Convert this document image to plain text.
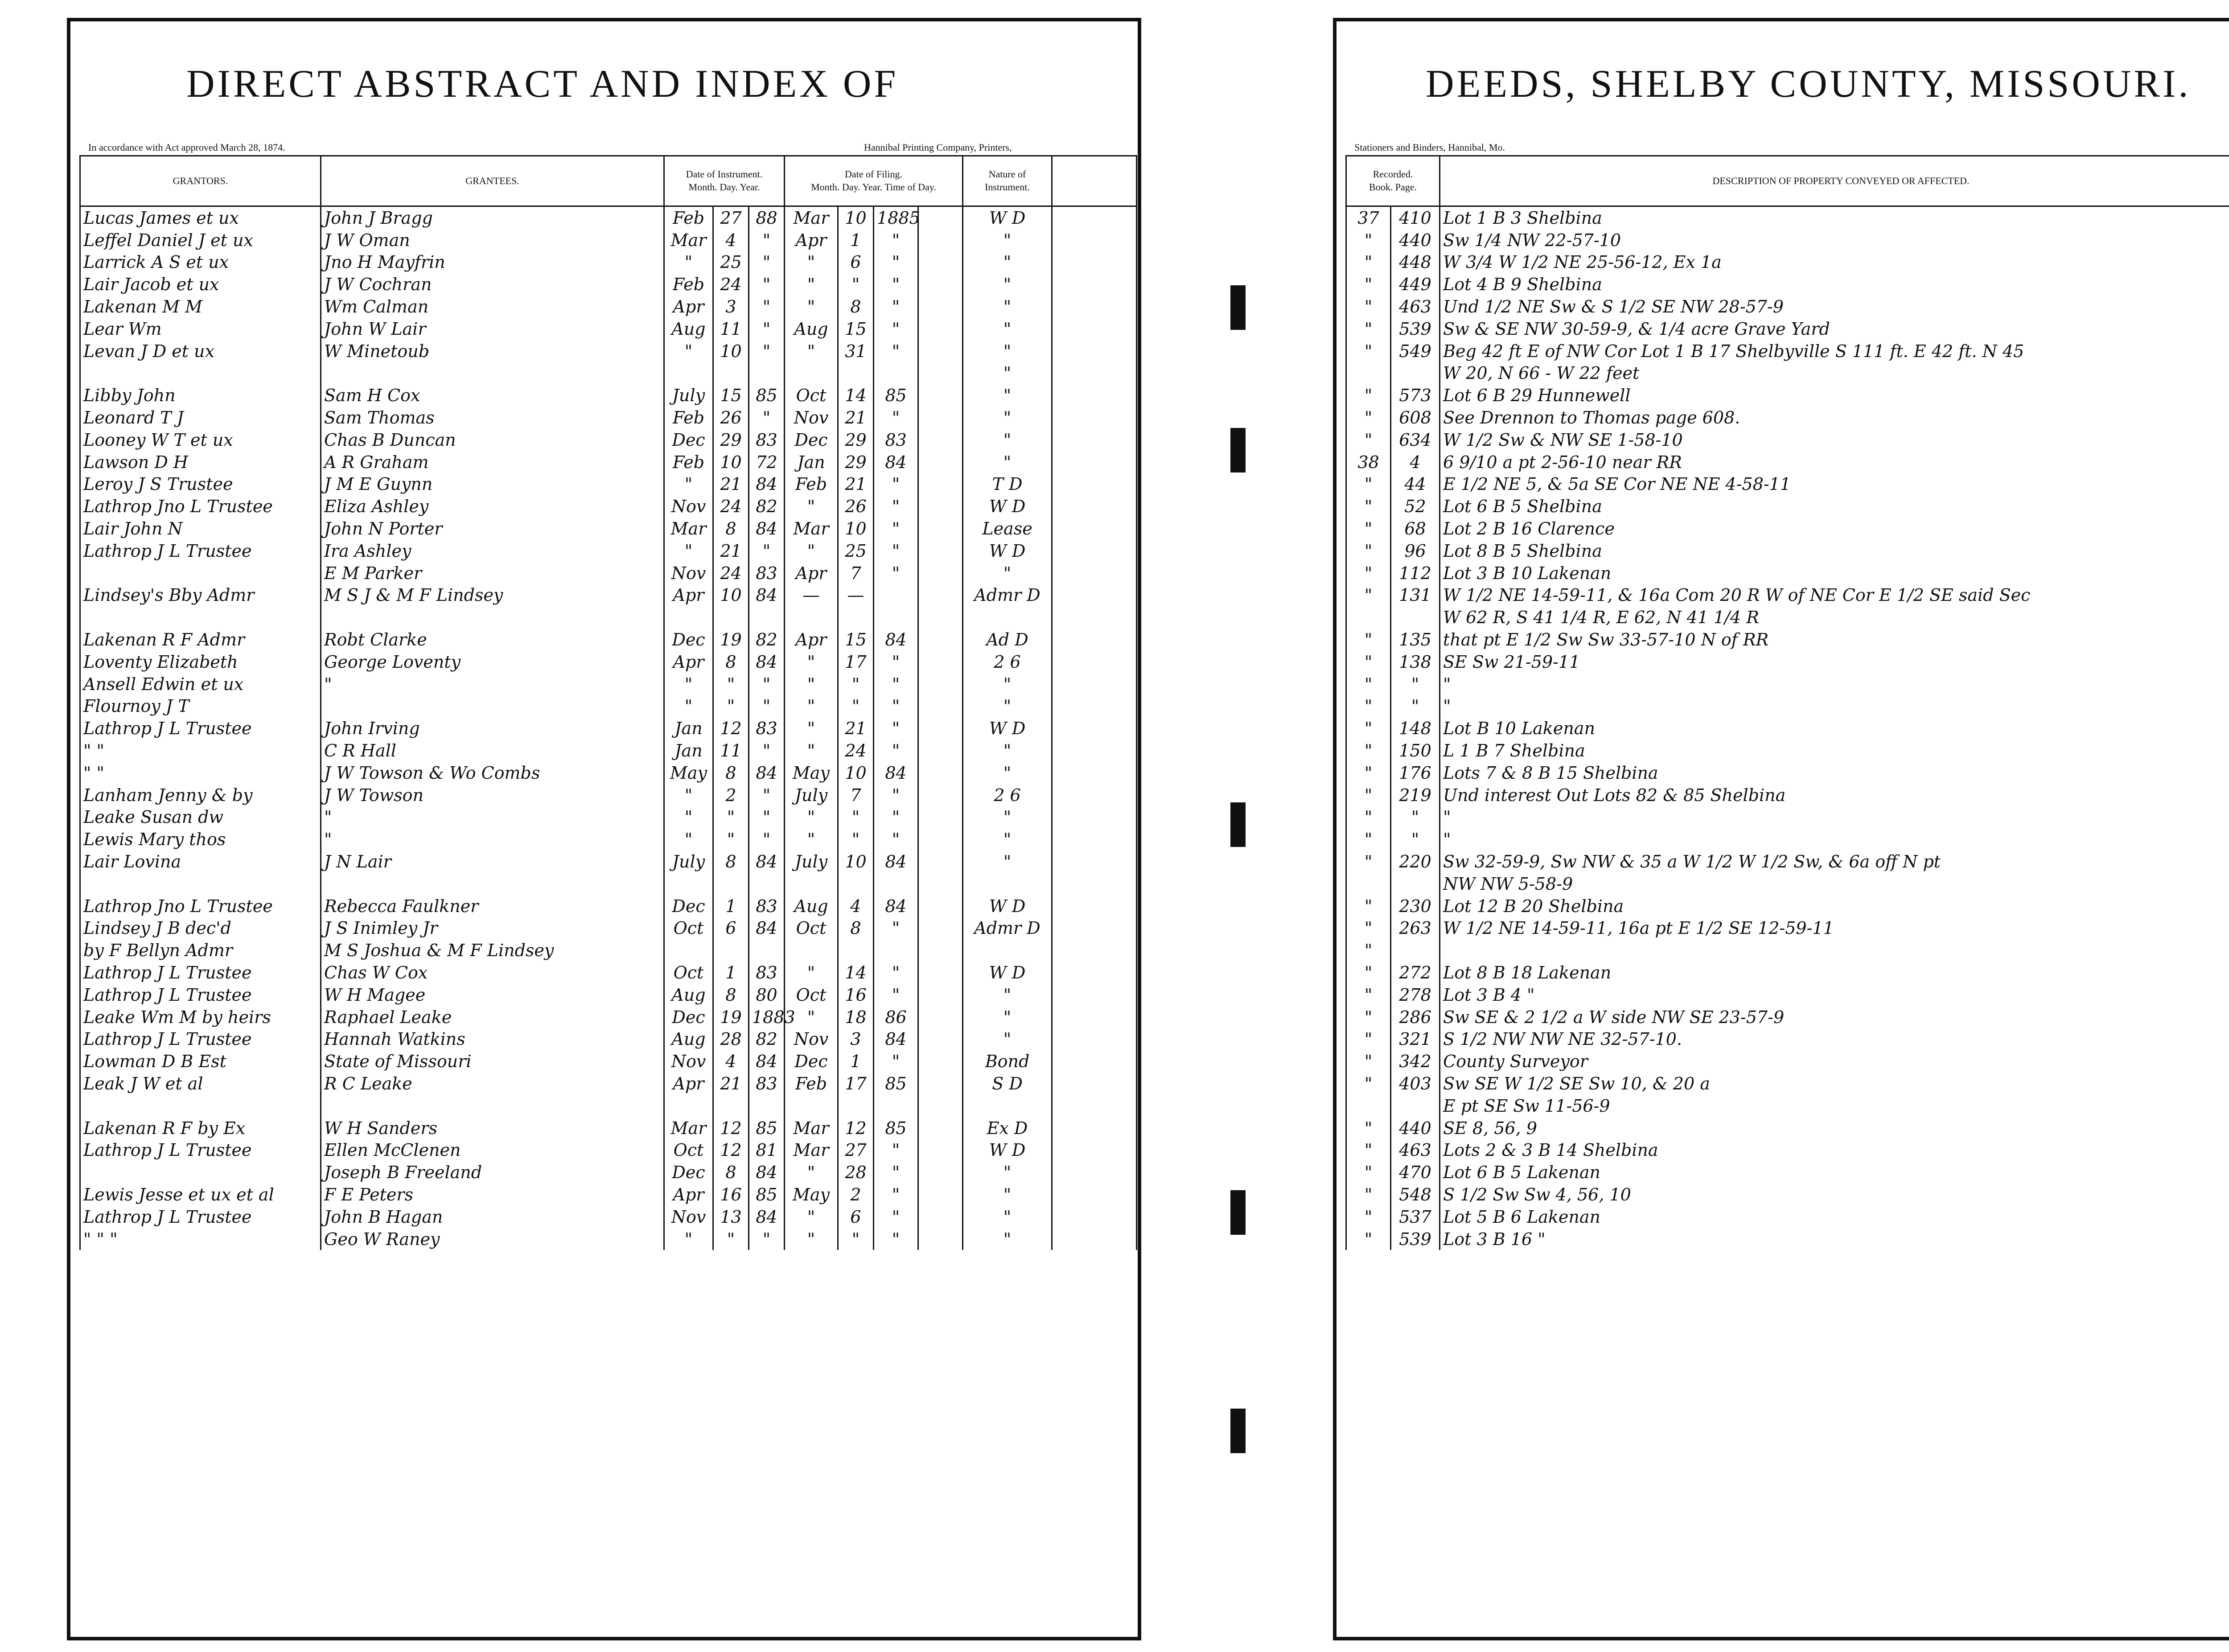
DIRECT ABSTRACT AND INDEX OF
In accordance with Act approved March 28, 1874.	Hannibal Printing Company, Printers,
GRANTORS.	GRANTEES.	Date of Instrument.
Month. Day. Year.			Date of Filing.
Month. Day. Year. Time of Day.				Nature of Instrument.	
Lucas James et ux	John J Bragg	Feb	27	88	Mar	10	1885		W D	
Leffel Daniel J et ux	J W Oman	Mar	4	"	Apr	1	"		"	
Larrick A S et ux	Jno H Mayfrin	"	25	"	"	6	"		"	
Lair Jacob et ux	J W Cochran	Feb	24	"	"	"	"		"	
Lakenan M M	Wm Calman	Apr	3	"	"	8	"		"	
Lear Wm	John W Lair	Aug	11	"	Aug	15	"		"	
Levan J D et ux	W Minetoub	"	10	"	"	31	"		"	
									"	
Libby John	Sam H Cox	July	15	85	Oct	14	85		"	
Leonard T J	Sam Thomas	Feb	26	"	Nov	21	"		"	
Looney W T et ux	Chas B Duncan	Dec	29	83	Dec	29	83		"	
Lawson D H	A R Graham	Feb	10	72	Jan	29	84		"	
Leroy J S Trustee	J M E Guynn	"	21	84	Feb	21	"		T D	
Lathrop Jno L Trustee	Eliza Ashley	Nov	24	82	"	26	"		W D	
Lair John N	John N Porter	Mar	8	84	Mar	10	"		Lease	
Lathrop J L Trustee	Ira Ashley	"	21	"	"	25	"		W D	
	E M Parker	Nov	24	83	Apr	7	"		"	
Lindsey's Bby Admr	M S J & M F Lindsey	Apr	10	84	—	—			Admr D	

Lakenan R F Admr	Robt Clarke	Dec	19	82	Apr	15	84		Ad D	
Loventy Elizabeth	George Loventy	Apr	8	84	"	17	"		2 6	
Ansell Edwin et ux	"	"	"	"	"	"	"		"	
Flournoy J T		"	"	"	"	"	"		"	
Lathrop J L Trustee	John Irving	Jan	12	83	"	21	"		W D	
" "	C R Hall	Jan	11	"	"	24	"		"	
" "	J W Towson & Wo Combs	May	8	84	May	10	84		"	
Lanham Jenny & by	J W Towson	"	2	"	July	7	"		2 6	
Leake Susan dw	"	"	"	"	"	"	"		"	
Lewis Mary thos	"	"	"	"	"	"	"		"	
Lair Lovina	J N Lair	July	8	84	July	10	84		"	

Lathrop Jno L Trustee	Rebecca Faulkner	Dec	1	83	Aug	4	84		W D	
Lindsey J B dec'd	J S Inimley Jr	Oct	6	84	Oct	8	"		Admr D	
by F Bellyn Admr	M S Joshua & M F Lindsey									
Lathrop J L Trustee	Chas W Cox	Oct	1	83	"	14	"		W D	
Lathrop J L Trustee	W H Magee	Aug	8	80	Oct	16	"		"	
Leake Wm M by heirs	Raphael Leake	Dec	19	1883	"	18	86		"	
Lathrop J L Trustee	Hannah Watkins	Aug	28	82	Nov	3	84		"	
Lowman D B Est	State of Missouri	Nov	4	84	Dec	1	"		Bond	
Leak J W et al	R C Leake	Apr	21	83	Feb	17	85		S D	

Lakenan R F by Ex	W H Sanders	Mar	12	85	Mar	12	85		Ex D	
Lathrop J L Trustee	Ellen McClenen	Oct	12	81	Mar	27	"		W D	
	Joseph B Freeland	Dec	8	84	"	28	"		"	
Lewis Jesse et ux et al	F E Peters	Apr	16	85	May	2	"		"	
Lathrop J L Trustee	John B Hagan	Nov	13	84	"	6	"		"	
" " "	Geo W Raney	"	"	"	"	"	"		"	
DEEDS, SHELBY COUNTY, MISSOURI.
Stationers and Binders, Hannibal, Mo.
Recorded.
Book. Page.		DESCRIPTION OF PROPERTY CONVEYED OR AFFECTED.			
37	410	Lot 1 B 3 Shelbina			
"	440	Sw 1/4 NW 22-57-10			
"	448	W 3/4 W 1/2 NE 25-56-12, Ex 1a			
"	449	Lot 4 B 9 Shelbina			
"	463	Und 1/2 NE Sw & S 1/2 SE NW 28-57-9			
"	539	Sw & SE NW 30-59-9, & 1/4 acre Grave Yard			
"	549	Beg 42 ft E of NW Cor Lot 1 B 17 Shelbyville S 111 ft. E 42 ft. N 45			
		W 20, N 66 - W 22 feet			
"	573	Lot 6 B 29 Hunnewell			
"	608	See Drennon to Thomas page 608.			
"	634	W 1/2 Sw & NW SE 1-58-10			
38	4	6 9/10 a pt 2-56-10 near RR			
"	44	E 1/2 NE 5, & 5a SE Cor NE NE 4-58-11			
"	52	Lot 6 B 5 Shelbina			
"	68	Lot 2 B 16 Clarence			
"	96	Lot 8 B 5 Shelbina			
"	112	Lot 3 B 10 Lakenan			
"	131	W 1/2 NE 14-59-11, & 16a Com 20 R W of NE Cor E 1/2 SE said Sec			
		W 62 R, S 41 1/4 R, E 62, N 41 1/4 R			
"	135	that pt E 1/2 Sw Sw 33-57-10 N of RR			
"	138	SE Sw 21-59-11			
"	"	"			
"	"	"			
"	148	Lot B 10 Lakenan			
"	150	L 1 B 7 Shelbina			
"	176	Lots 7 & 8 B 15 Shelbina			
"	219	Und interest Out Lots 82 & 85 Shelbina			
"	"	"			
"	"	"			
"	220	Sw 32-59-9, Sw NW & 35 a W 1/2 W 1/2 Sw, & 6a off N pt			
		NW NW 5-58-9			
"	230	Lot 12 B 20 Shelbina			
"	263	W 1/2 NE 14-59-11, 16a pt E 1/2 SE 12-59-11			
"					
"	272	Lot 8 B 18 Lakenan			
"	278	Lot 3 B 4 "			
"	286	Sw SE & 2 1/2 a W side NW SE 23-57-9			
"	321	S 1/2 NW NW NE 32-57-10.			
"	342	County Surveyor			
"	403	Sw SE W 1/2 SE Sw 10, & 20 a			
		E pt SE Sw 11-56-9			
"	440	SE 8, 56, 9			
"	463	Lots 2 & 3 B 14 Shelbina			
"	470	Lot 6 B 5 Lakenan			
"	548	S 1/2 Sw Sw 4, 56, 10			
"	537	Lot 5 B 6 Lakenan			
"	539	Lot 3 B 16 "			
